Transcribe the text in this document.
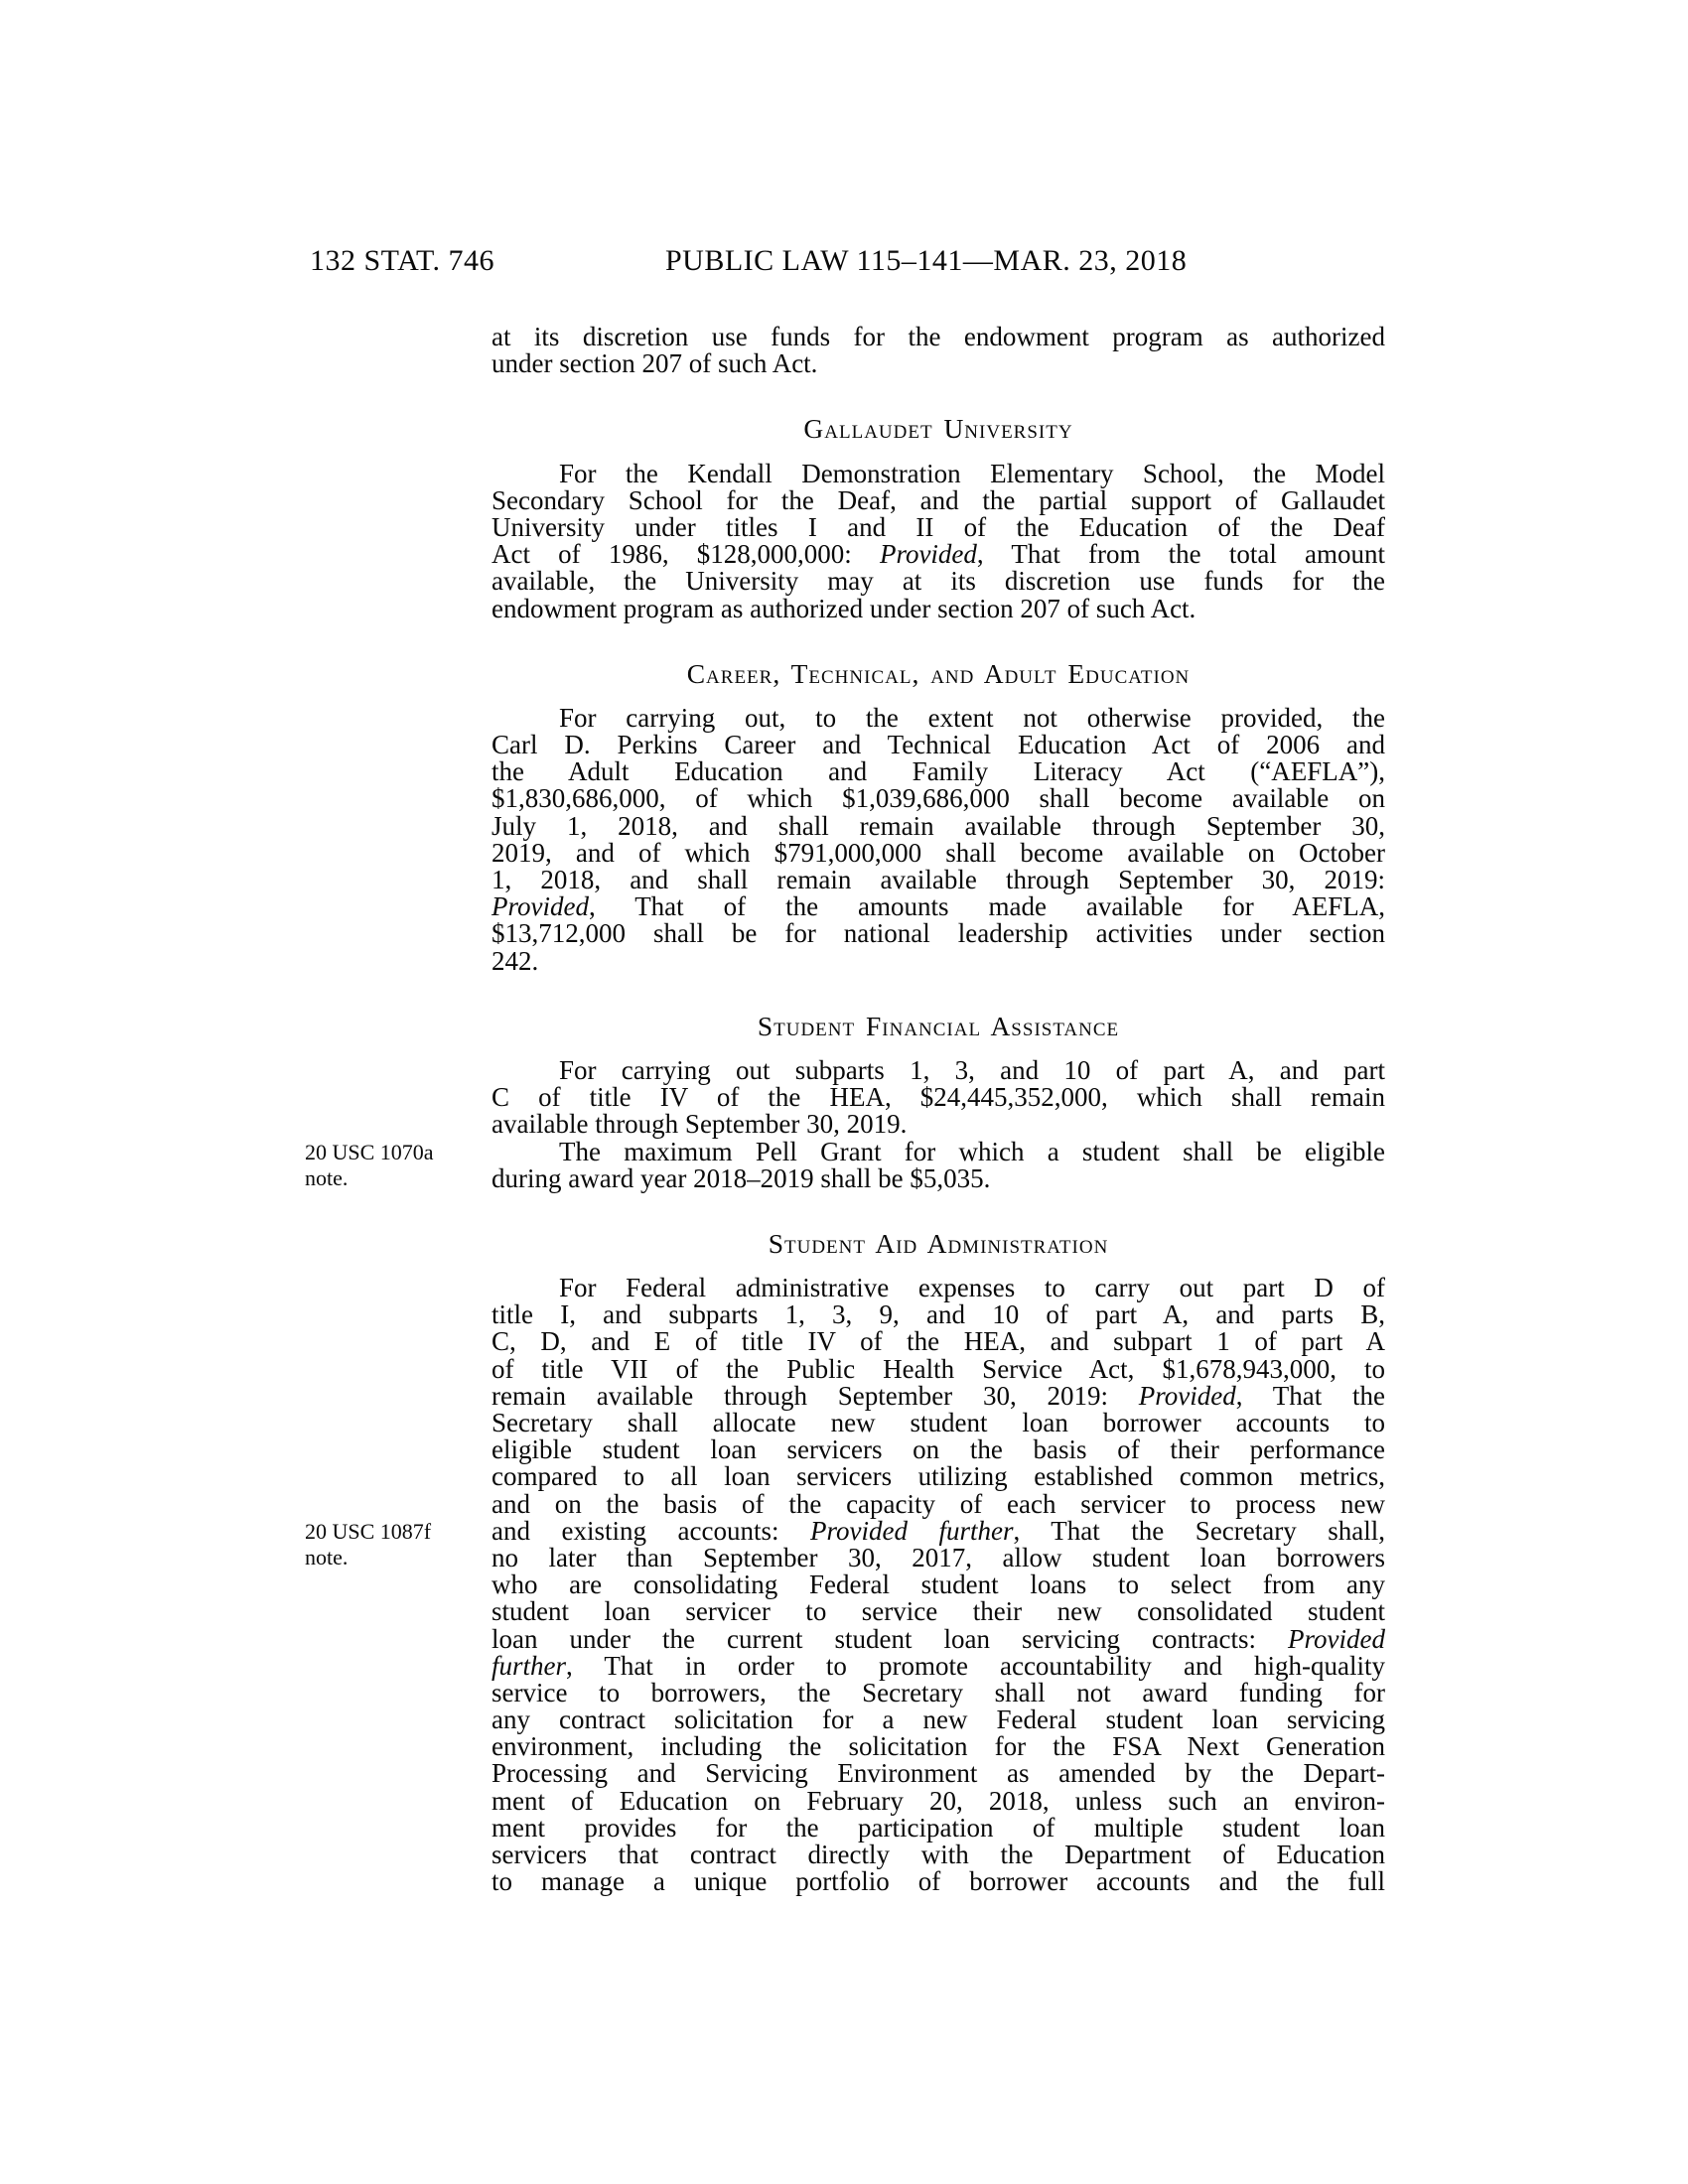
132 STAT. 746	PUBLIC LAW 115–141—MAR. 23, 2018
at its discretion use funds for the endowment program as authorized
under section 207 of such Act.
Gallaudet University
For the Kendall Demonstration Elementary School, the Model
Secondary School for the Deaf, and the partial support of Gallaudet
University under titles I and II of the Education of the Deaf
Act of 1986, $128,000,000: Provided, That from the total amount
available, the University may at its discretion use funds for the
endowment program as authorized under section 207 of such Act.
Career, Technical, and Adult Education
For carrying out, to the extent not otherwise provided, the
Carl D. Perkins Career and Technical Education Act of 2006 and
the Adult Education and Family Literacy Act (“AEFLA”),
$1,830,686,000, of which $1,039,686,000 shall become available on
July 1, 2018, and shall remain available through September 30,
2019, and of which $791,000,000 shall become available on October
1, 2018, and shall remain available through September 30, 2019:
Provided, That of the amounts made available for AEFLA,
$13,712,000 shall be for national leadership activities under section
242.
Student Financial Assistance
For carrying out subparts 1, 3, and 10 of part A, and part
C of title IV of the HEA, $24,445,352,000, which shall remain
available through September 30, 2019.
The maximum Pell Grant for which a student shall be eligible
during award year 2018–2019 shall be $5,035.
Student Aid Administration
For Federal administrative expenses to carry out part D of
title I, and subparts 1, 3, 9, and 10 of part A, and parts B,
C, D, and E of title IV of the HEA, and subpart 1 of part A
of title VII of the Public Health Service Act, $1,678,943,000, to
remain available through September 30, 2019: Provided, That the
Secretary shall allocate new student loan borrower accounts to
eligible student loan servicers on the basis of their performance
compared to all loan servicers utilizing established common metrics,
and on the basis of the capacity of each servicer to process new
and existing accounts: Provided further, That the Secretary shall,
no later than September 30, 2017, allow student loan borrowers
who are consolidating Federal student loans to select from any
student loan servicer to service their new consolidated student
loan under the current student loan servicing contracts: Provided
further, That in order to promote accountability and high-quality
service to borrowers, the Secretary shall not award funding for
any contract solicitation for a new Federal student loan servicing
environment, including the solicitation for the FSA Next Generation
Processing and Servicing Environment as amended by the Depart-
ment of Education on February 20, 2018, unless such an environ-
ment provides for the participation of multiple student loan
servicers that contract directly with the Department of Education
to manage a unique portfolio of borrower accounts and the full
20 USC 1070a
note.
20 USC 1087f
note.
